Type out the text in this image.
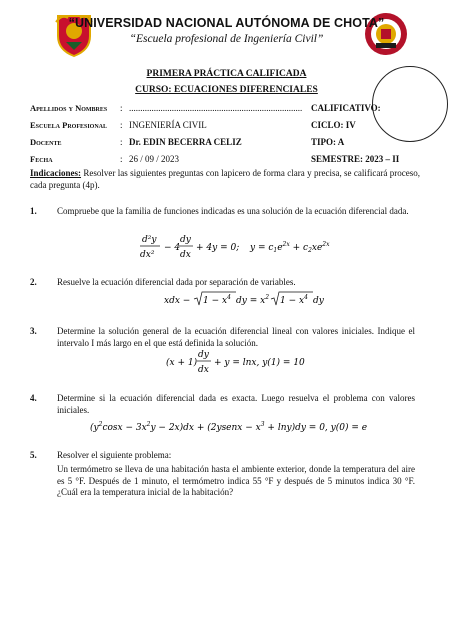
“UNIVERSIDAD NACIONAL AUTÓNOMA DE CHOTA”
“Escuela profesional de Ingeniería Civil”
PRIMERA PRÁCTICA CALIFICADA
CURSO: ECUACIONES DIFERENCIALES
Apellidos y Nombres : ............................................................................. CALIFICATIVO:
Escuela Profesional : INGENIERÍA CIVIL	CICLO: IV
Docente	: Dr. EDIN BECERRA CELIZ	TIPO: A
Fecha	: 26 / 09 / 2023	SEMESTRE: 2023 – II
Indicaciones: Resolver las siguientes preguntas con lapicero de forma clara y precisa, se calificará proceso, cada pregunta (4p).
1. Compruebe que la familia de funciones indicadas es una solución de la ecuación diferencial dada.
d²y
dx²
− 4
dy
dx
+ 4y = 0; $y = c_1e^{2x} + c_2xe^{2x}$
2. Resuelve la ecuación diferencial dada por separación de variables.
xdx − $1 - x^4$ dy = $x^2$ $1 - x^4$ dy
3. Determine la solución general de la ecuación diferencial lineal con valores iniciales. Indique el intervalo I más largo en el que está definida la solución.
(x + 1)
dy
dx
+ y = lnx, y(1) = 10
4. Determine si la ecuación diferencial dada es exacta. Luego resuelva el problema con valores iniciales.
$(y^2\cos x - 3x^2y - 2x)dx$ + (2ysenx − $x^3 + \ln y)dy = 0$, y(0) = e
5. Resolver el siguiente problema:
Un termómetro se lleva de una habitación hasta el ambiente exterior, donde la temperatura del aire es 5 °F. Después de 1 minuto, el termómetro indica 55 °F y después de 5 minutos indica 30 °F. ¿Cuál era la temperatura inicial de la habitación?
